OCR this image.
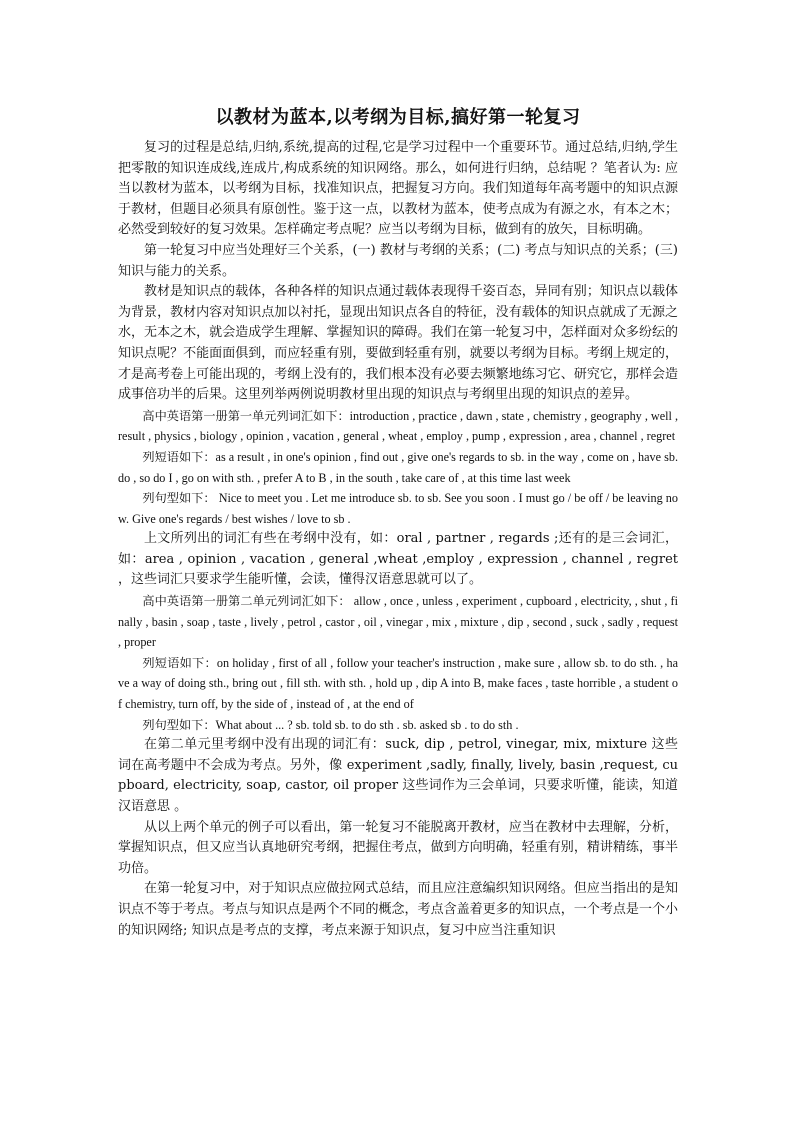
以教材为蓝本,以考纲为目标,搞好第一轮复习

复习的过程是总结,归纳,系统,提高的过程,它是学习过程中一个重要环节。通过总结,归纳,学生把零散的知识连成线,连成片,构成系统的知识网络。那么，如何进行归纳，总结呢 ？笔者认为: 应当以教材为蓝本，以考纲为目标，找准知识点，把握复习方向。我们知道每年高考题中的知识点源于教材，但题目必须具有原创性。鉴于这一点，以教材为蓝本，使考点成为有源之水，有本之木；必然受到较好的复习效果。怎样确定考点呢？应当以考纲为目标，做到有的放矢，目标明确。

第一轮复习中应当处理好三个关系，(一) 教材与考纲的关系；(二) 考点与知识点的关系；(三) 知识与能力的关系。

教材是知识点的载体，各种各样的知识点通过载体表现得千姿百态，异同有别；知识点以载体为背景，教材内容对知识点加以衬托，显现出知识点各自的特征，没有载体的知识点就成了无源之水，无本之木，就会造成学生理解、掌握知识的障碍。我们在第一轮复习中，怎样面对众多纷纭的知识点呢？不能面面俱到，而应轻重有别，要做到轻重有别，就要以考纲为目标。考纲上规定的，才是高考卷上可能出现的，考纲上没有的，我们根本没有必要去频繁地练习它、研究它，那样会造成事倍功半的后果。这里列举两例说明教材里出现的知识点与考纲里出现的知识点的差异。

高中英语第一册第一单元列词汇如下：introduction , practice , dawn , state , chemistry , geography , well , result , physics , biology , opinion , vacation , general , wheat , employ , pump , expression , area , channel , regret

列短语如下：as a result , in one's opinion , find out , give one's regards to sb. in the way , come on , have sb. do , so do I , go on with sth. , prefer A to B , in the south , take care of , at this time last week

列句型如下： Nice to meet you . Let me introduce sb. to sb. See you soon . I must go / be off / be leaving now. Give one's regards / best wishes / love to sb .

上文所列出的词汇有些在考纲中没有，如：oral , partner , regards ;还有的是三会词汇，如：area , opinion , vacation , general ,wheat ,employ , expression , channel , regret ，这些词汇只要求学生能听懂，会读，懂得汉语意思就可以了。

高中英语第一册第二单元列词汇如下： allow , once , unless , experiment , cupboard , electricity, , shut , finally , basin , soap , taste , lively , petrol , castor , oil , vinegar , mix , mixture , dip , second , suck , sadly , request , proper

列短语如下：on holiday , first of all , follow your teacher's instruction , make sure , allow sb. to do sth. , have a way of doing sth., bring out , fill sth. with sth. , hold up , dip A into B, make faces , taste horrible , a student of chemistry, turn off, by the side of , instead of , at the end of

列句型如下：What about ... ? sb. told sb. to do sth . sb. asked sb . to do sth .

在第二单元里考纲中没有出现的词汇有：suck, dip , petrol, vinegar, mix, mixture 这些词在高考题中不会成为考点。另外，像 experiment ,sadly, finally, lively, basin ,request, cupboard, electricity, soap, castor, oil proper 这些词作为三会单词，只要求听懂，能读，知道汉语意思 。

从以上两个单元的例子可以看出，第一轮复习不能脱离开教材，应当在教材中去理解，分析，掌握知识点，但又应当认真地研究考纲，把握住考点，做到方向明确，轻重有别，精讲精练，事半功倍。

在第一轮复习中，对于知识点应做拉网式总结，而且应注意编织知识网络。但应当指出的是知识点不等于考点。考点与知识点是两个不同的概念，考点含盖着更多的知识点，一个考点是一个小的知识网络; 知识点是考点的支撑，考点来源于知识点，复习中应当注重知识
